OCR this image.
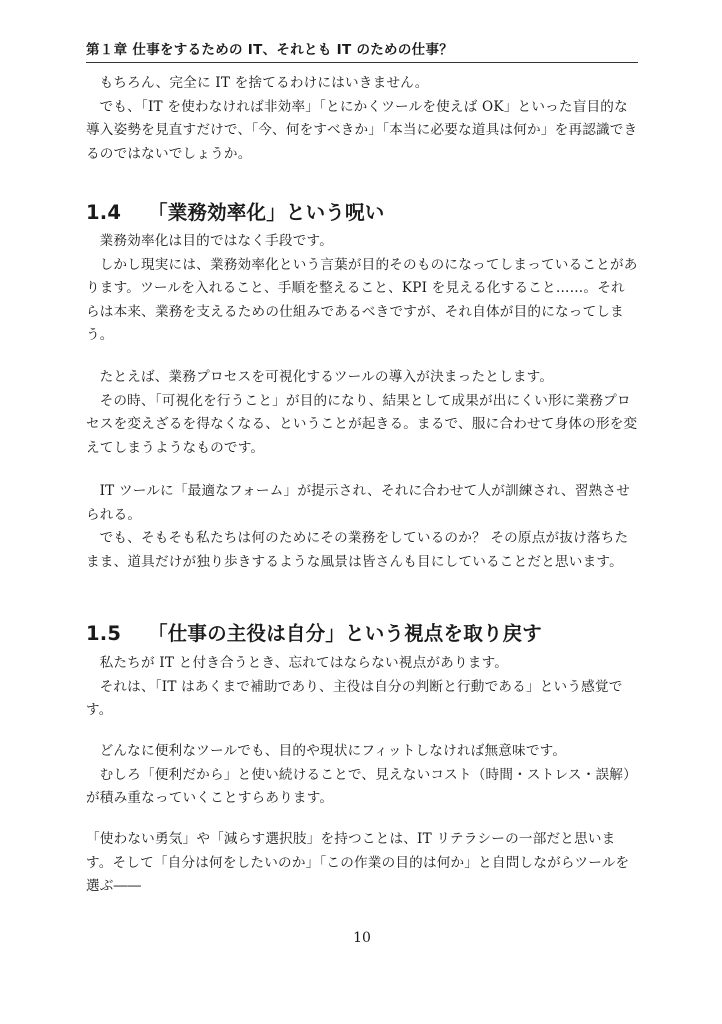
第１章 仕事をするための IT、それとも IT のための仕事？

もちろん、完全に IT を捨てるわけにはいきません。

でも、「IT を使わなければ非効率」「とにかくツールを使えば OK」といった盲目的な導入姿勢を見直すだけで、「今、何をすべきか」「本当に必要な道具は何か」を再認識できるのではないでしょうか。

1.4 「業務効率化」という呪い

業務効率化は目的ではなく手段です。

しかし現実には、業務効率化という言葉が目的そのものになってしまっていることがあります。ツールを入れること、手順を整えること、KPI を見える化すること……。それらは本来、業務を支えるための仕組みであるべきですが、それ自体が目的になってしまう。

たとえば、業務プロセスを可視化するツールの導入が決まったとします。

その時、「可視化を行うこと」が目的になり、結果として成果が出にくい形に業務プロセスを変えざるを得なくなる、ということが起きる。まるで、服に合わせて身体の形を変えてしまうようなものです。

IT ツールに「最適なフォーム」が提示され、それに合わせて人が訓練され、習熟させられる。

でも、そもそも私たちは何のためにその業務をしているのか？ その原点が抜け落ちたまま、道具だけが独り歩きするような風景は皆さんも目にしていることだと思います。

1.5 「仕事の主役は自分」という視点を取り戻す

私たちが IT と付き合うとき、忘れてはならない視点があります。

それは、「IT はあくまで補助であり、主役は自分の判断と行動である」という感覚です。

どんなに便利なツールでも、目的や現状にフィットしなければ無意味です。

むしろ「便利だから」と使い続けることで、見えないコスト（時間・ストレス・誤解）が積み重なっていくことすらあります。

「使わない勇気」や「減らす選択肢」を持つことは、IT リテラシーの一部だと思います。そして「自分は何をしたいのか」「この作業の目的は何か」と自問しながらツールを選ぶ――

10
